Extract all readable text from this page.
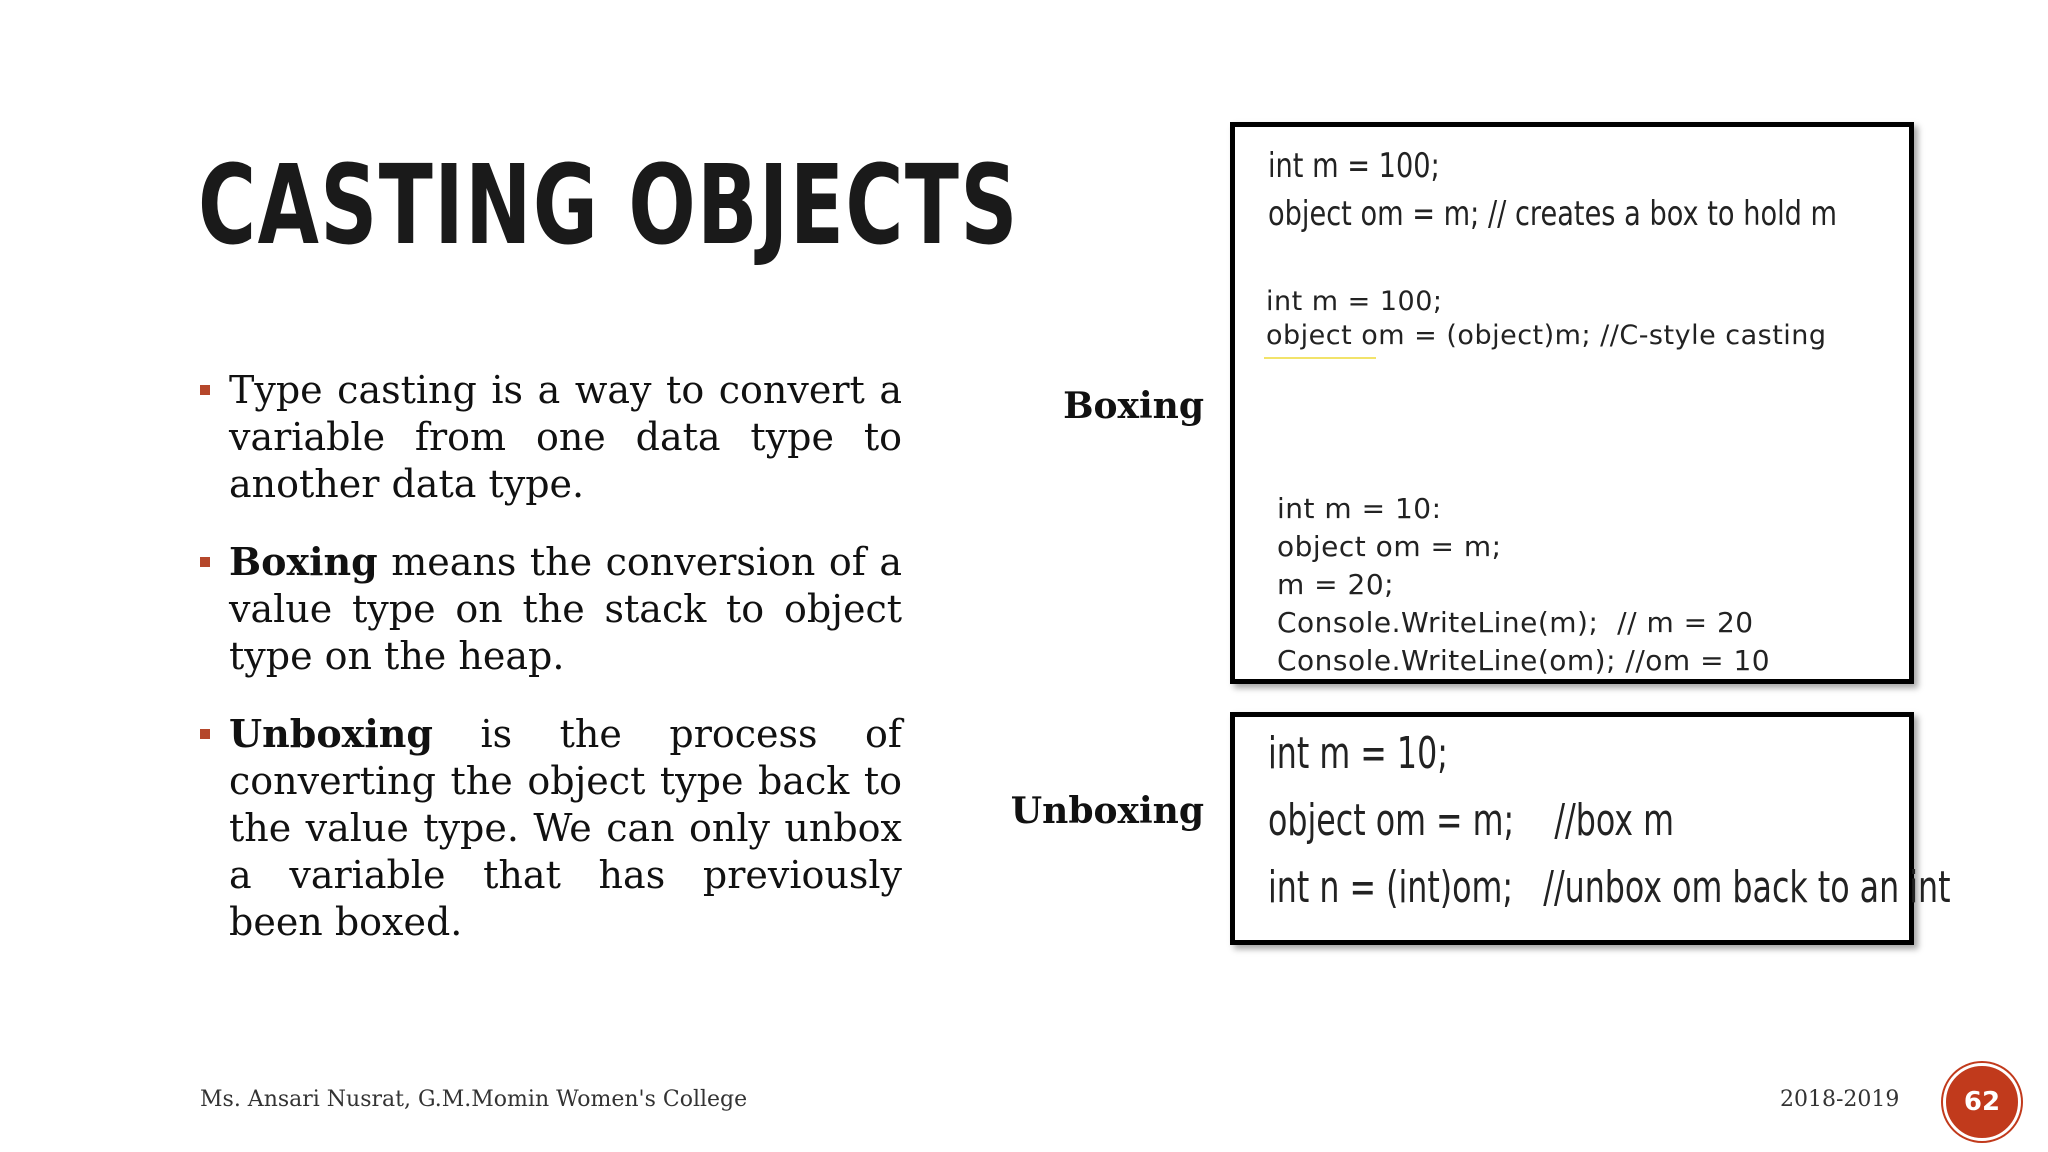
CASTING OBJECTS
Type casting is a way to convert a variable from one data type to another data type.
Boxing means the conversion of a value type on the stack to object type on the heap.
Unboxing is the process of converting the object type back to the value type. We can only unbox a variable that has previously been boxed.
Boxing
Unboxing
int m = 100;
object om = m; // creates a box to hold m
int m = 100;
object om = (object)m; //C-style casting
int m = 10:
object om = m;
m = 20;
Console.WriteLine(m);  // m = 20
Console.WriteLine(om); //om = 10
int m = 10;
object om = m;    //box m
int n = (int)om;   //unbox om back to an int
Ms. Ansari Nusrat, G.M.Momin Women's College	2018-2019	62
